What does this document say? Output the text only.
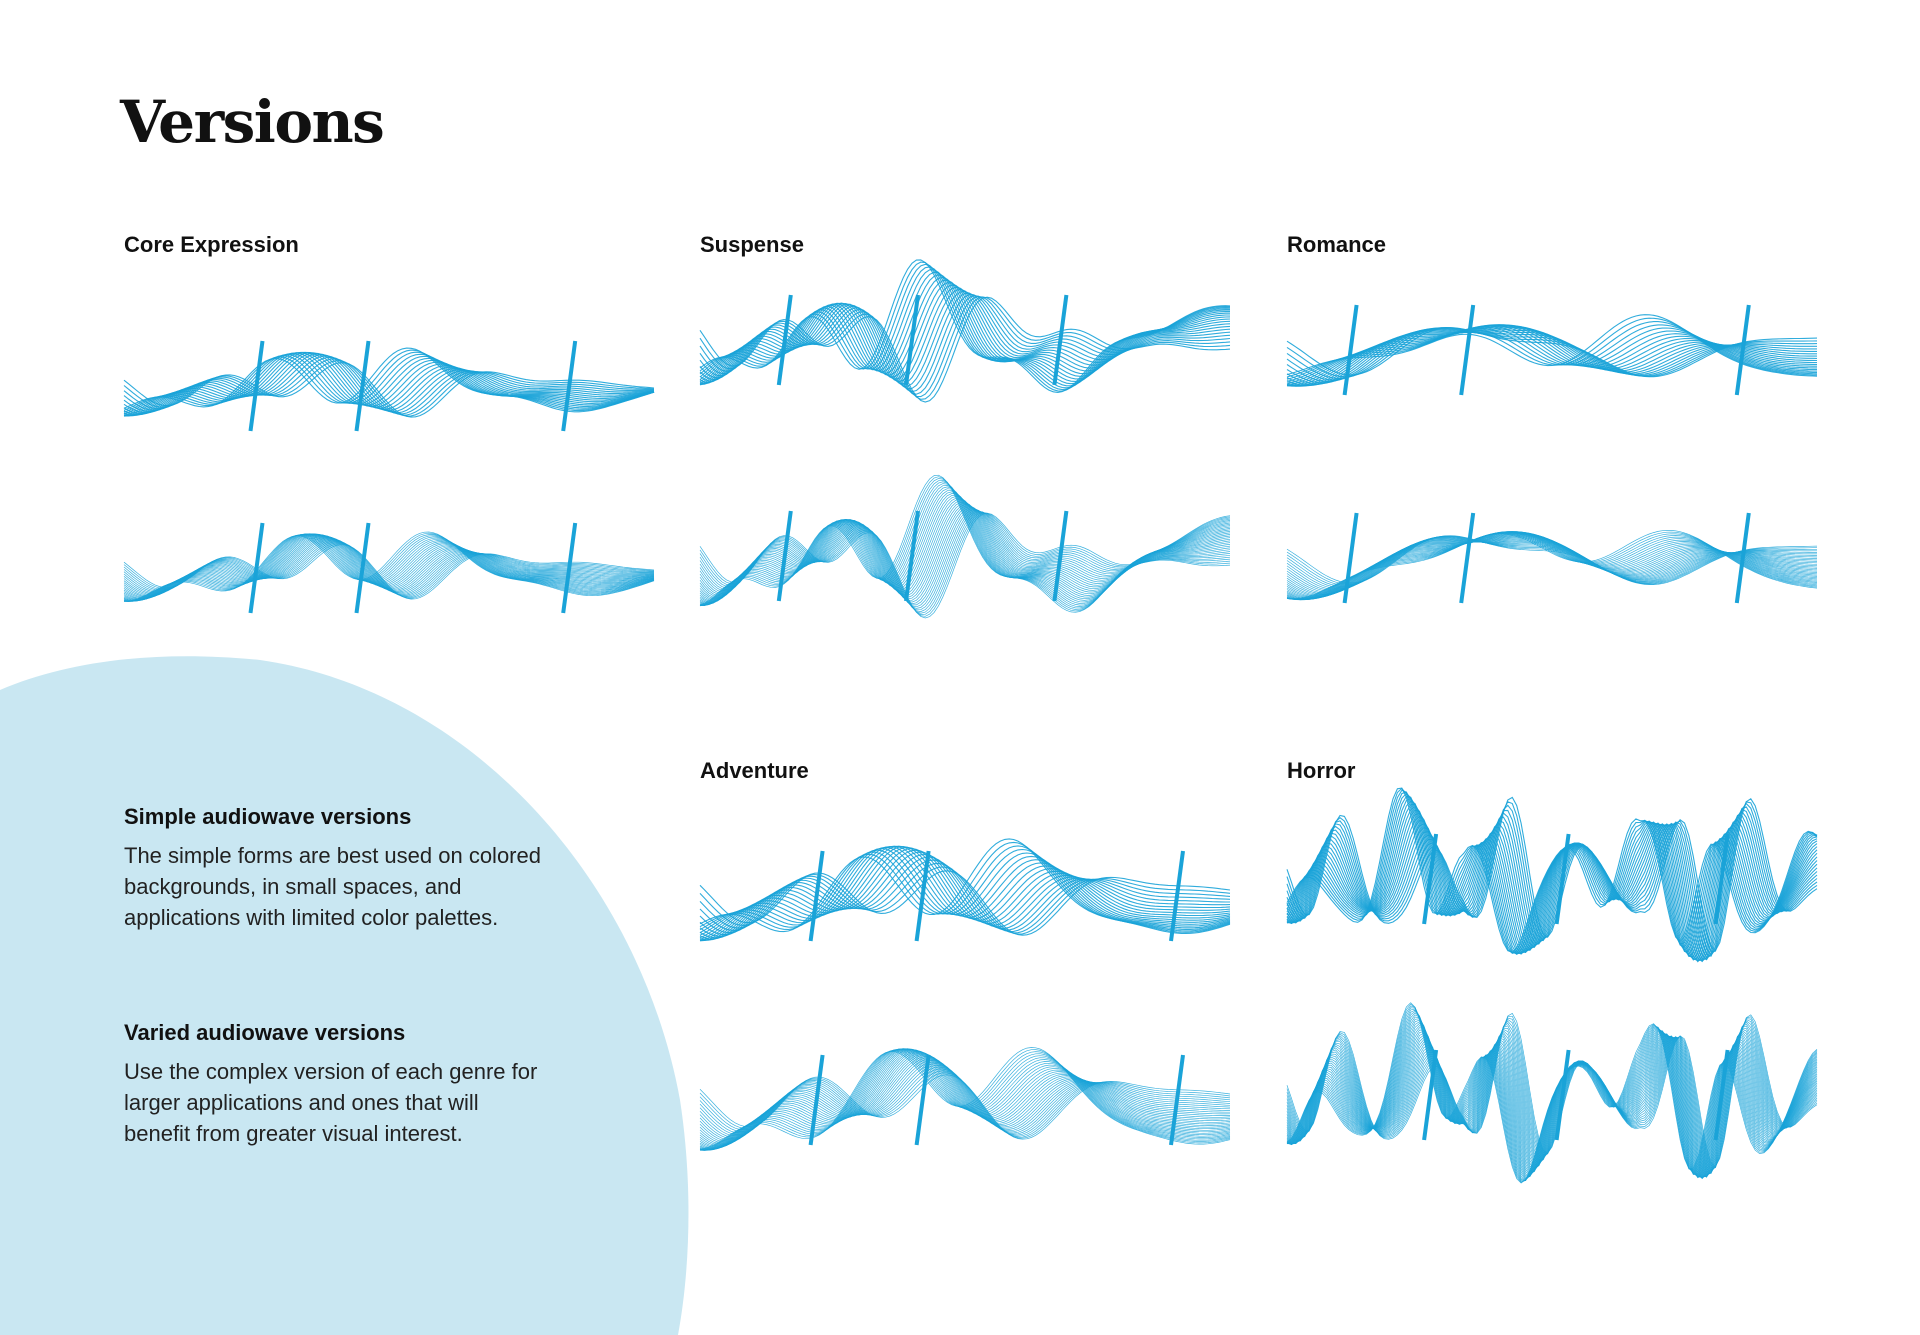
Versions
Core Expression	Suspense	Romance
Adventure	Horror
Simple audiowave versions

The simple forms are best used on colored backgrounds, in small spaces, and applications with limited color palettes.

Varied audiowave versions

Use the complex version of each genre for larger applications and ones that will benefit from greater visual interest.
